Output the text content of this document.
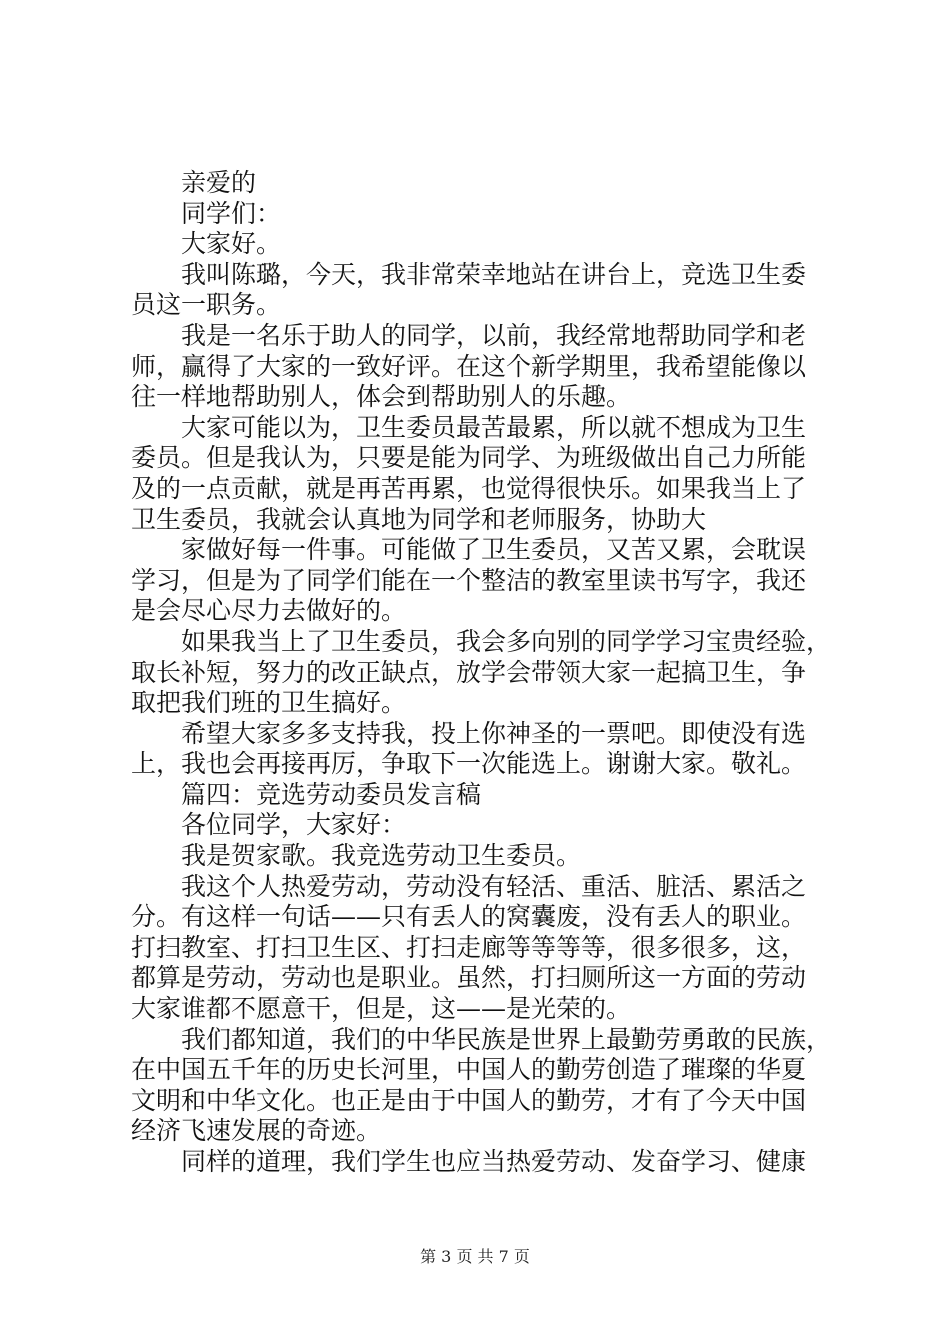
亲爱的
同学们：
大家好。
我叫陈璐，今天，我非常荣幸地站在讲台上，竞选卫生委
员这一职务。
我是一名乐于助人的同学，以前，我经常地帮助同学和老
师，赢得了大家的一致好评。在这个新学期里，我希望能像以
往一样地帮助别人，体会到帮助别人的乐趣。
大家可能以为，卫生委员最苦最累，所以就不想成为卫生
委员。但是我认为，只要是能为同学、为班级做出自己力所能
及的一点贡献，就是再苦再累，也觉得很快乐。如果我当上了
卫生委员，我就会认真地为同学和老师服务，协助大
家做好每一件事。可能做了卫生委员，又苦又累，会耽误
学习，但是为了同学们能在一个整洁的教室里读书写字，我还
是会尽心尽力去做好的。
如果我当上了卫生委员，我会多向别的同学学习宝贵经验，
取长补短，努力的改正缺点，放学会带领大家一起搞卫生，争
取把我们班的卫生搞好。
希望大家多多支持我，投上你神圣的一票吧。即使没有选
上，我也会再接再厉，争取下一次能选上。谢谢大家。敬礼。
篇四：竞选劳动委员发言稿
各位同学，大家好：
我是贺家歌。我竞选劳动卫生委员。
我这个人热爱劳动，劳动没有轻活、重活、脏活、累活之
分。有这样一句话——只有丢人的窝囊废，没有丢人的职业。
打扫教室、打扫卫生区、打扫走廊等等等等，很多很多，这，
都算是劳动，劳动也是职业。虽然，打扫厕所这一方面的劳动
大家谁都不愿意干，但是，这——是光荣的。
我们都知道，我们的中华民族是世界上最勤劳勇敢的民族，
在中国五千年的历史长河里，中国人的勤劳创造了璀璨的华夏
文明和中华文化。也正是由于中国人的勤劳，才有了今天中国
经济飞速发展的奇迹。
同样的道理，我们学生也应当热爱劳动、发奋学习、健康
第 3 页 共 7 页
